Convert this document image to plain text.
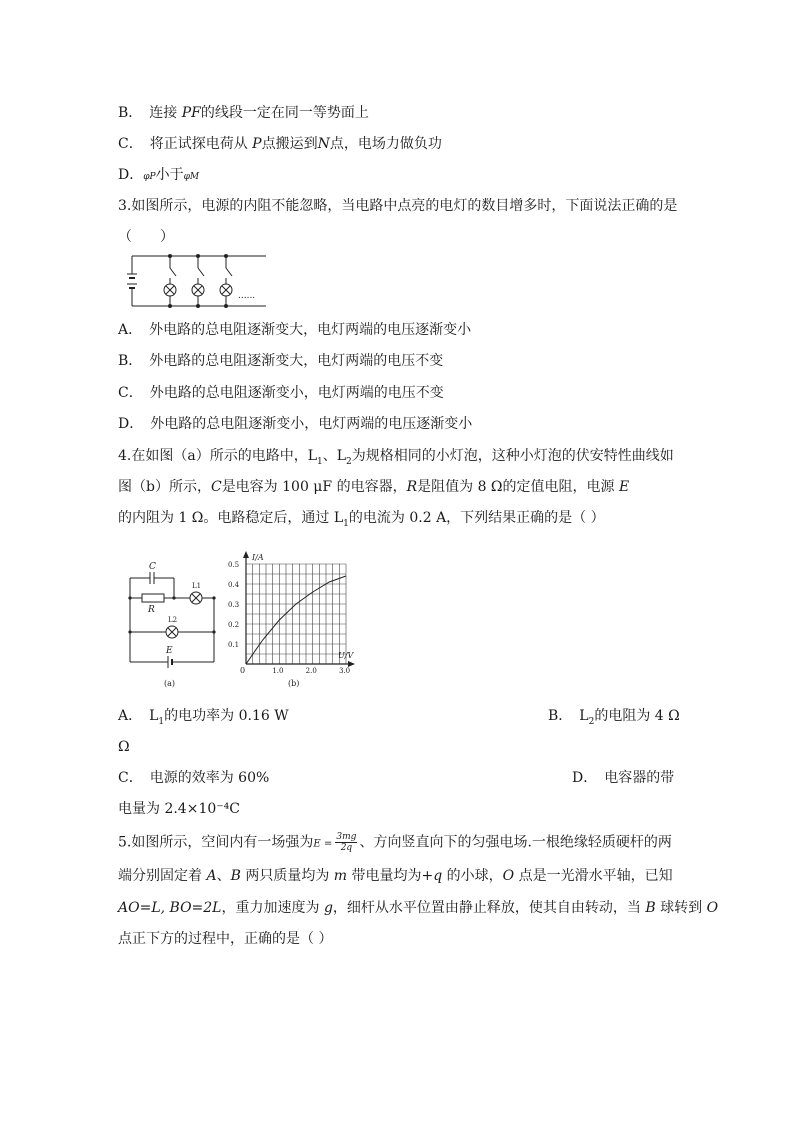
B．　 连接 PF的线段一定在同一等势面上
C．　 将正试探电荷从 P点搬运到N点，电场力做负功
D．φP小于φM
3.如图所示，电源的内阻不能忽略，当电路中点亮的电灯的数目增多时，下面说法正确的是
（　　）
......
A．　 外电路的总电阻逐渐变大，电灯两端的电压逐渐变小
B．　 外电路的总电阻逐渐变大，电灯两端的电压不变
C．　 外电路的总电阻逐渐变小，电灯两端的电压不变
D．　 外电路的总电阻逐渐变小，电灯两端的电压逐渐变小
4.在如图（a）所示的电路中，$L_1$、$L_2$为规格相同的小灯泡，这种小灯泡的伏安特性曲线如
图（b）所示，C是电容为 100 μF 的电容器，R是阻值为 8 Ω的定值电阻，电源 E
的内阻为 1 Ω。电路稳定后，通过 $L_1$的电流为 0.2 A，下列结果正确的是（ ）
C
R
L1
L2
E
(a)
0.1
0.2
0.3
0.4
0.5
1.0	2.0	3.0
I/A
U/V
0
(b)
A．　 $L_1$的电功率为 0.16 W	B．　 $L_2$的电阻为 4 Ω
Ω
C．　 电源的效率为 60%	D．　 电容器的带
电量为 2.4×10⁻⁴C
5.如图所示，空间内有一场强为$E = \frac{3mg}{2q}$ 、方向竖直向下的匀强电场.一根绝缘轻质硬杆的两
端分别固定着 A、B 两只质量均为 m 带电量均为+q 的小球，O 点是一光滑水平轴，已知
AO=L, BO=2L，重力加速度为 g，细杆从水平位置由静止释放，使其自由转动，当 B 球转到 O
点正下方的过程中，正确的是（ ）
